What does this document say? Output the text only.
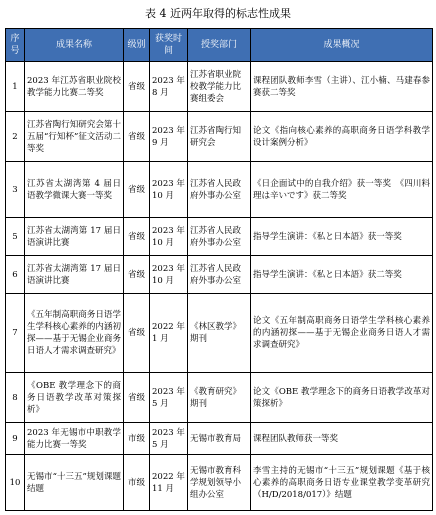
表 4 近两年取得的标志性成果
序号	成果名称	级别	获奖时间	授奖部门	成果概况
1	2023 年江苏省职业院校教学能力比赛二等奖	省级	2023 年 8 月	江苏省职业院校教学能力比赛组委会	课程团队教师李雪（主讲）、江小楠、马建春参赛获二等奖
2	江苏省陶行知研究会第十五届“行知杯”征文活动二等奖	省级	2023 年 9 月	江苏省陶行知研究会	论文《指向核心素养的高职商务日语学科教学设计案例分析》
3	江苏省太湖湾第 4 届日语教学微课大赛一等奖	省级	2023 年 10 月	江苏省人民政府外事办公室	《日企面试中的自我介绍》获一等奖　《四川料理は辛いです》获二等奖
5	江苏省太湖湾第 17 届日语演讲比赛	省级	2023 年 10 月	江苏省人民政府外事办公室	指导学生演讲：《私と日本語》获一等奖
6	江苏省太湖湾第 17 届日语演讲比赛	省级	2023 年 10 月	江苏省人民政府外事办公室	指导学生演讲：《私と日本語》获二等奖
7	《五年制高职商务日语学生学科核心素养的内涵初探——基于无锡企业商务日语人才需求调查研究》	省级	2022 年 1 月	《林区教学》期刊	论文《五年制高职商务日语学生学科核心素养的内涵初探——基于无锡企业商务日语人才需求调查研究》
8	《OBE 教学理念下的商务日语教学改革对策探析》	省级	2023 年 5 月	《教育研究》期刊	论文《OBE 教学理念下的商务日语教学改革对策探析》
9	2023 年无锡市中职教学能力比赛一等奖	市级	2023 年 5 月	无锡市教育局	课程团队教师获一等奖
10	无锡市“十三五”规划课题结题	市级	2022 年 11 月	无锡市教育科学规划领导小组办公室	李雪主持的无锡市“十三五”规划课题《基于核心素养的高职商务日语专业课堂教学变革研究（H/D/2018/017）》结题
